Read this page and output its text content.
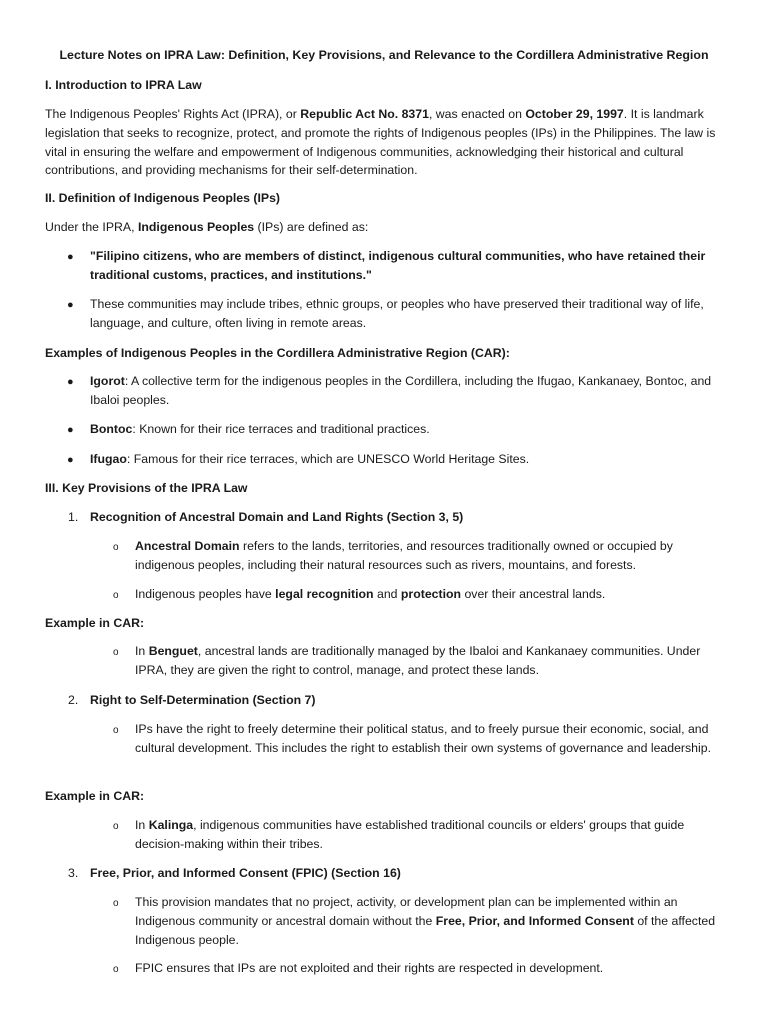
Lecture Notes on IPRA Law: Definition, Key Provisions, and Relevance to the Cordillera Administrative Region
I. Introduction to IPRA Law
The Indigenous Peoples' Rights Act (IPRA), or Republic Act No. 8371, was enacted on October 29, 1997. It is landmark legislation that seeks to recognize, protect, and promote the rights of Indigenous peoples (IPs) in the Philippines. The law is vital in ensuring the welfare and empowerment of Indigenous communities, acknowledging their historical and cultural contributions, and providing mechanisms for their self-determination.
II. Definition of Indigenous Peoples (IPs)
Under the IPRA, Indigenous Peoples (IPs) are defined as:
● "Filipino citizens, who are members of distinct, indigenous cultural communities, who have retained their traditional customs, practices, and institutions."
● These communities may include tribes, ethnic groups, or peoples who have preserved their traditional way of life, language, and culture, often living in remote areas.
Examples of Indigenous Peoples in the Cordillera Administrative Region (CAR):
● Igorot: A collective term for the indigenous peoples in the Cordillera, including the Ifugao, Kankanaey, Bontoc, and Ibaloi peoples.
● Bontoc: Known for their rice terraces and traditional practices.
● Ifugao: Famous for their rice terraces, which are UNESCO World Heritage Sites.
III. Key Provisions of the IPRA Law
1. Recognition of Ancestral Domain and Land Rights (Section 3, 5)
o Ancestral Domain refers to the lands, territories, and resources traditionally owned or occupied by indigenous peoples, including their natural resources such as rivers, mountains, and forests.
o Indigenous peoples have legal recognition and protection over their ancestral lands.
Example in CAR:
o In Benguet, ancestral lands are traditionally managed by the Ibaloi and Kankanaey communities. Under IPRA, they are given the right to control, manage, and protect these lands.
2. Right to Self-Determination (Section 7)
o IPs have the right to freely determine their political status, and to freely pursue their economic, social, and cultural development. This includes the right to establish their own systems of governance and leadership.
Example in CAR:
o In Kalinga, indigenous communities have established traditional councils or elders' groups that guide decision-making within their tribes.
3. Free, Prior, and Informed Consent (FPIC) (Section 16)
o This provision mandates that no project, activity, or development plan can be implemented within an Indigenous community or ancestral domain without the Free, Prior, and Informed Consent of the affected Indigenous people.
o FPIC ensures that IPs are not exploited and their rights are respected in development.
